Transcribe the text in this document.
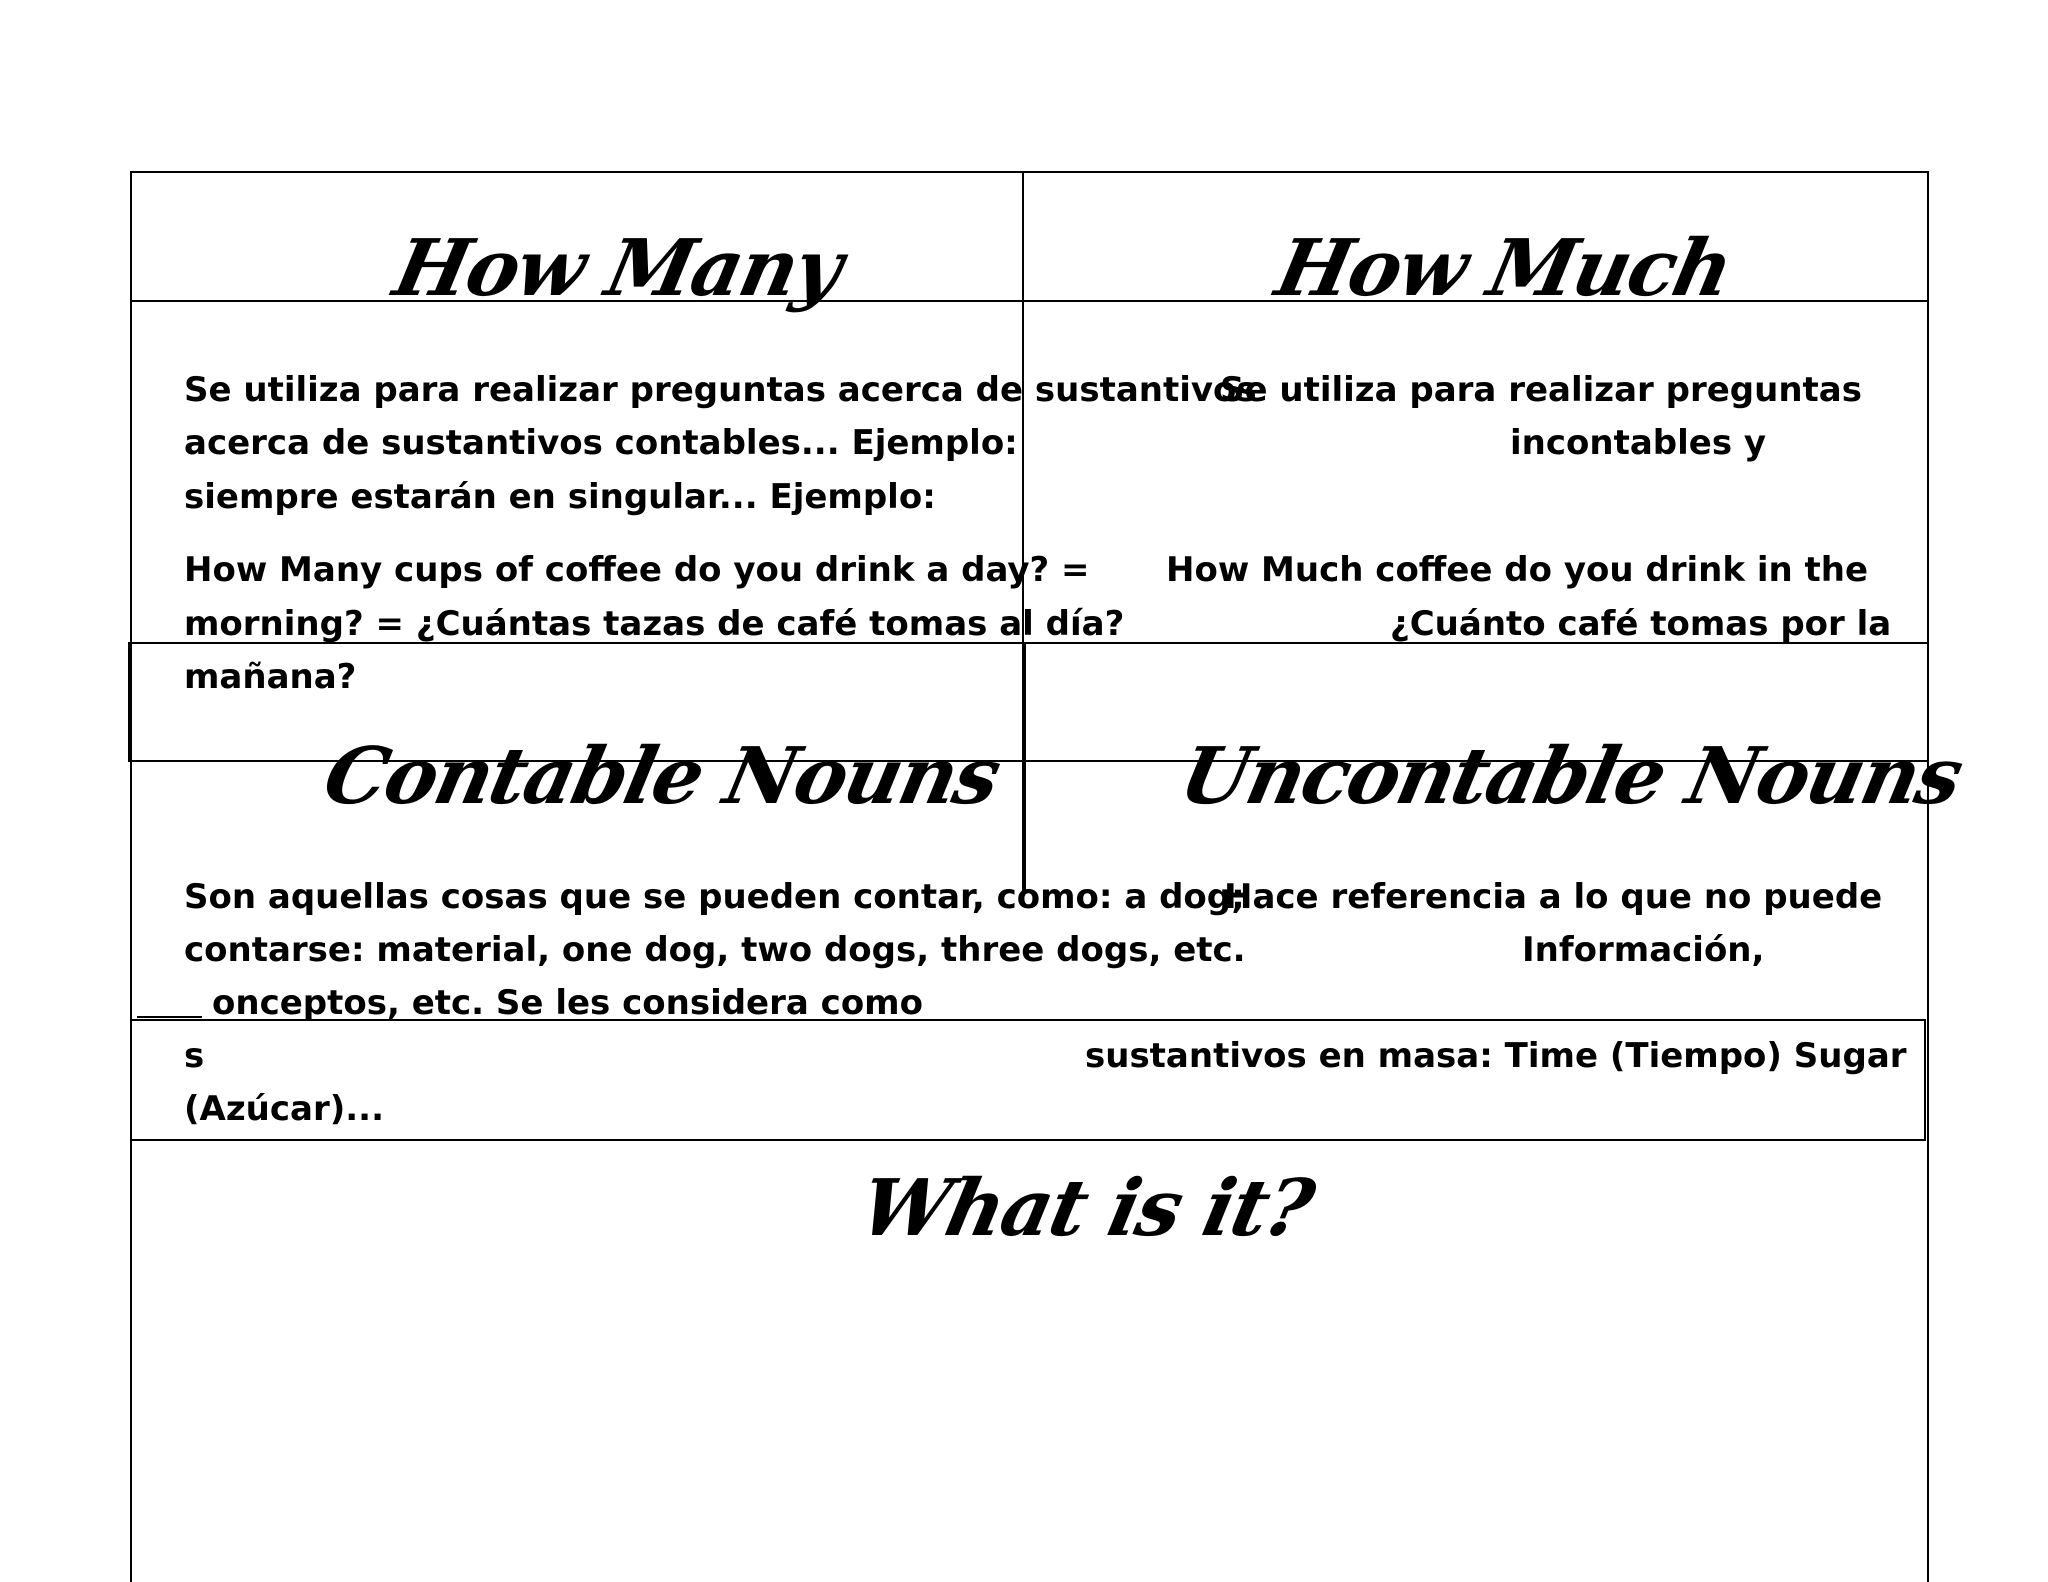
How Many	How Much
Contable Nouns Uncontable Nouns
What is it?

Se utiliza para realizar preguntas acerca de sustantivos

acerca de sustantivos contables... Ejemplo:

siempre estarán en singular... Ejemplo:

How Many cups of coffee do you drink a day? =

morning? = ¿Cuántas tazas de café tomas al día?

mañana?

Se utiliza para realizar preguntas

incontables y

How Much coffee do you drink in the

¿Cuánto café tomas por la

Son aquellas cosas que se pueden contar, como: a dog;

contarse: material, one dog, two dogs, three dogs, etc.

onceptos, etc. Se les considera como

s

(Azúcar)...

Hace referencia a lo que no puede

Información,

sustantivos en masa: Time (Tiempo) Sugar
